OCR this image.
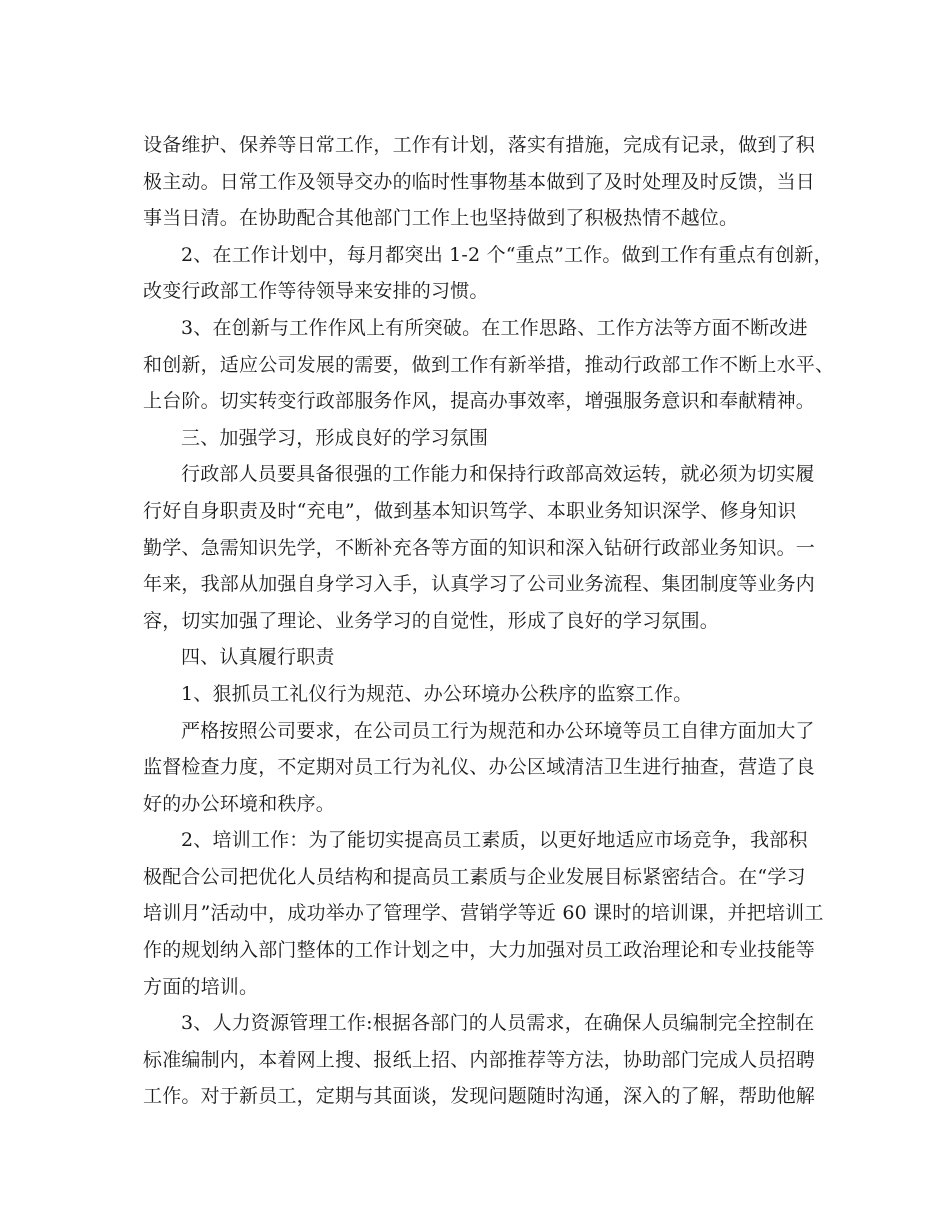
设备维护、保养等日常工作，工作有计划，落实有措施，完成有记录，做到了积
极主动。日常工作及领导交办的临时性事物基本做到了及时处理及时反馈，当日
事当日清。在协助配合其他部门工作上也坚持做到了积极热情不越位。
2、在工作计划中，每月都突出 1-2 个“重点”工作。做到工作有重点有创新，
改变行政部工作等待领导来安排的习惯。
3、在创新与工作作风上有所突破。在工作思路、工作方法等方面不断改进
和创新，适应公司发展的需要，做到工作有新举措，推动行政部工作不断上水平、
上台阶。切实转变行政部服务作风，提高办事效率，增强服务意识和奉献精神。
三、加强学习，形成良好的学习氛围
行政部人员要具备很强的工作能力和保持行政部高效运转，就必须为切实履
行好自身职责及时“充电”，做到基本知识笃学、本职业务知识深学、修身知识
勤学、急需知识先学，不断补充各等方面的知识和深入钻研行政部业务知识。一
年来，我部从加强自身学习入手，认真学习了公司业务流程、集团制度等业务内
容，切实加强了理论、业务学习的自觉性，形成了良好的学习氛围。
四、认真履行职责
1、狠抓员工礼仪行为规范、办公环境办公秩序的监察工作。
严格按照公司要求，在公司员工行为规范和办公环境等员工自律方面加大了
监督检查力度，不定期对员工行为礼仪、办公区域清洁卫生进行抽查，营造了良
好的办公环境和秩序。
2、培训工作：为了能切实提高员工素质，以更好地适应市场竞争，我部积
极配合公司把优化人员结构和提高员工素质与企业发展目标紧密结合。在“学习
培训月”活动中，成功举办了管理学、营销学等近 60 课时的培训课，并把培训工
作的规划纳入部门整体的工作计划之中，大力加强对员工政治理论和专业技能等
方面的培训。
3、人力资源管理工作:根据各部门的人员需求，在确保人员编制完全控制在
标准编制内，本着网上搜、报纸上招、内部推荐等方法，协助部门完成人员招聘
工作。对于新员工，定期与其面谈，发现问题随时沟通，深入的了解，帮助他解
